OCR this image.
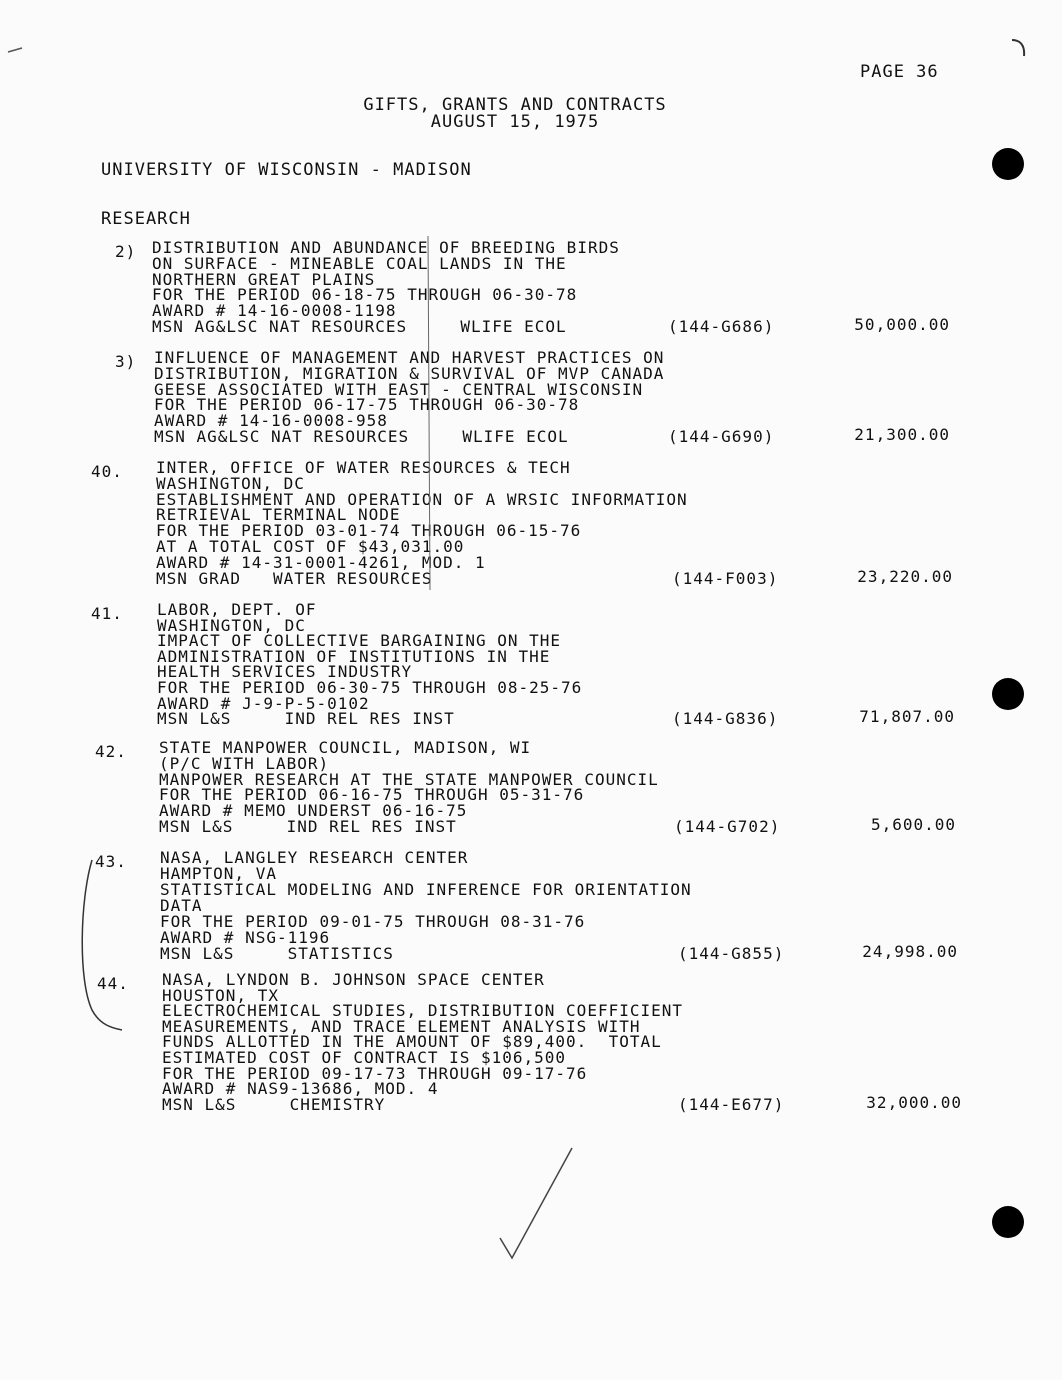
PAGE 36
GIFTS, GRANTS AND CONTRACTS
AUGUST 15, 1975
UNIVERSITY OF WISCONSIN - MADISON
RESEARCH
2) DISTRIBUTION AND ABUNDANCE OF BREEDING BIRDS
ON SURFACE - MINEABLE COAL LANDS IN THE
NORTHERN GREAT PLAINS
FOR THE PERIOD 06-18-75 THROUGH 06-30-78
AWARD # 14-16-0008-1198
MSN AG&LSC NAT RESOURCES     WLIFE ECOL	(144-G686)	50,000.00
3) INFLUENCE OF MANAGEMENT AND HARVEST PRACTICES ON
DISTRIBUTION, MIGRATION & SURVIVAL OF MVP CANADA
GEESE ASSOCIATED WITH EAST - CENTRAL WISCONSIN
FOR THE PERIOD 06-17-75 THROUGH 06-30-78
AWARD # 14-16-0008-958
MSN AG&LSC NAT RESOURCES     WLIFE ECOL	(144-G690)	21,300.00
40. INTER, OFFICE OF WATER RESOURCES & TECH
WASHINGTON, DC
ESTABLISHMENT AND OPERATION OF A WRSIC INFORMATION
RETRIEVAL TERMINAL NODE
FOR THE PERIOD 03-01-74 THROUGH 06-15-76
AT A TOTAL COST OF $43,031.00
AWARD # 14-31-0001-4261, MOD. 1
MSN GRAD   WATER RESOURCES	(144-F003)	23,220.00
41. LABOR, DEPT. OF
WASHINGTON, DC
IMPACT OF COLLECTIVE BARGAINING ON THE
ADMINISTRATION OF INSTITUTIONS IN THE
HEALTH SERVICES INDUSTRY
FOR THE PERIOD 06-30-75 THROUGH 08-25-76
AWARD # J-9-P-5-0102
MSN L&S     IND REL RES INST	(144-G836)	71,807.00
42. STATE MANPOWER COUNCIL, MADISON, WI
(P/C WITH LABOR)
MANPOWER RESEARCH AT THE STATE MANPOWER COUNCIL
FOR THE PERIOD 06-16-75 THROUGH 05-31-76
AWARD # MEMO UNDERST 06-16-75
MSN L&S     IND REL RES INST	(144-G702)	5,600.00
43. NASA, LANGLEY RESEARCH CENTER
HAMPTON, VA
STATISTICAL MODELING AND INFERENCE FOR ORIENTATION
DATA
FOR THE PERIOD 09-01-75 THROUGH 08-31-76
AWARD # NSG-1196
MSN L&S     STATISTICS	(144-G855)	24,998.00
44. NASA, LYNDON B. JOHNSON SPACE CENTER
HOUSTON, TX
ELECTROCHEMICAL STUDIES, DISTRIBUTION COEFFICIENT
MEASUREMENTS, AND TRACE ELEMENT ANALYSIS WITH
FUNDS ALLOTTED IN THE AMOUNT OF $89,400.  TOTAL
ESTIMATED COST OF CONTRACT IS $106,500
FOR THE PERIOD 09-17-73 THROUGH 09-17-76
AWARD # NAS9-13686, MOD. 4
MSN L&S     CHEMISTRY	(144-E677)	32,000.00
